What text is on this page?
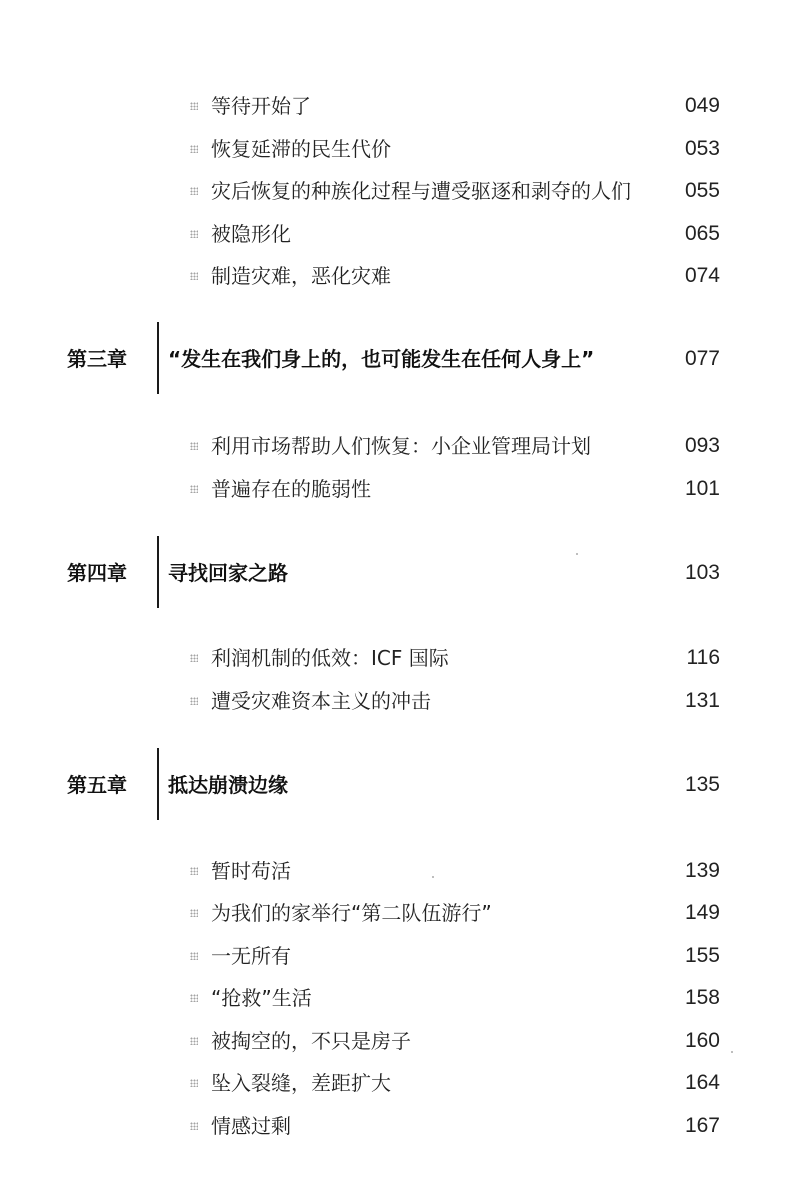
等待开始了	049
恢复延滞的民生代价	053
灾后恢复的种族化过程与遭受驱逐和剥夺的人们	055
被隐形化	065
制造灾难，恶化灾难	074
第三章 “发生在我们身上的，也可能发生在任何人身上”	077
利用市场帮助人们恢复：小企业管理局计划	093
普遍存在的脆弱性	101
第四章 寻找回家之路	103
利润机制的低效：ICF 国际	116
遭受灾难资本主义的冲击	131
第五章 抵达崩溃边缘	135
暂时苟活	139
为我们的家举行“第二队伍游行”	149
一无所有	155
“抢救”生活	158
被掏空的，不只是房子	160
坠入裂缝，差距扩大	164
情感过剩	167
